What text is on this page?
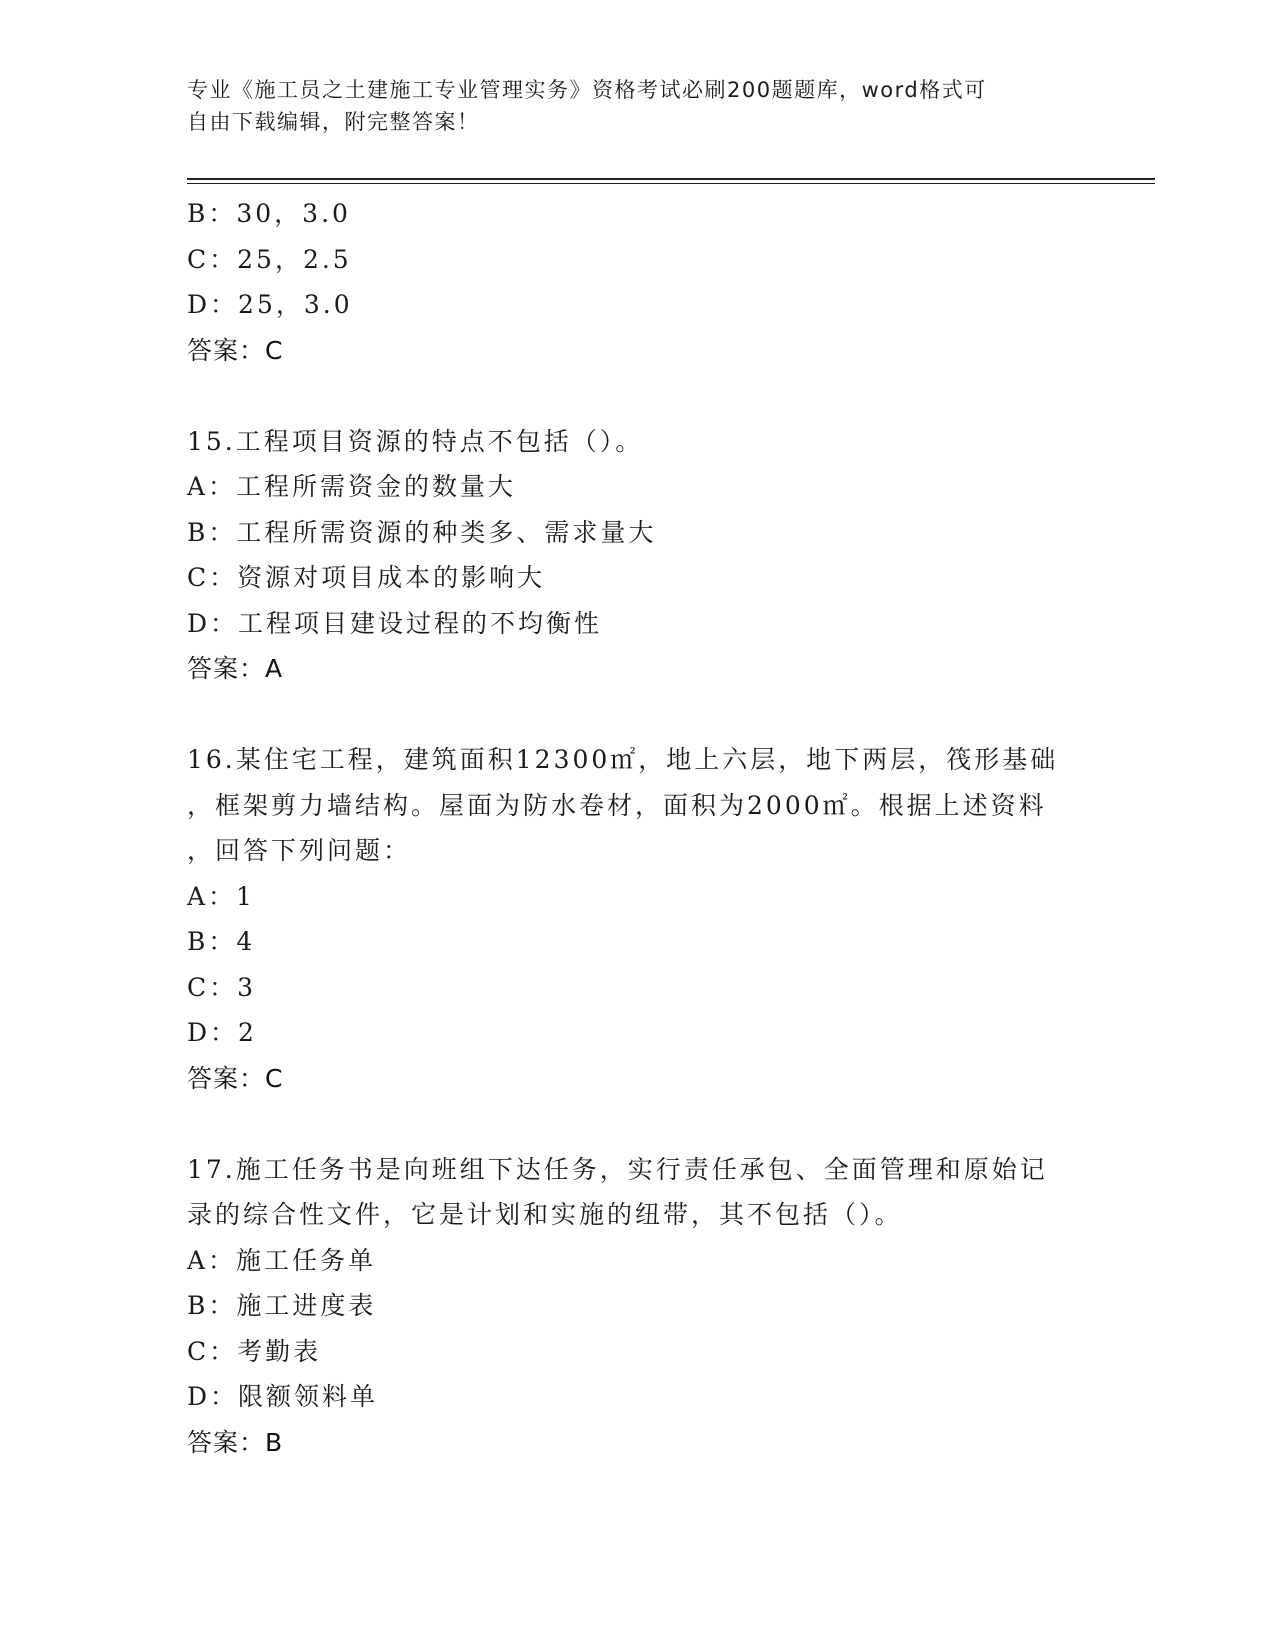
专业《施工员之土建施工专业管理实务》资格考试必刷200题题库，word格式可
自由下载编辑，附完整答案！
B：30，3.0
C：25，2.5
D：25，3.0
答案：C
15.工程项目资源的特点不包括（）。
A：工程所需资金的数量大
B：工程所需资源的种类多、需求量大
C：资源对项目成本的影响大
D：工程项目建设过程的不均衡性
答案：A
16.某住宅工程，建筑面积12300㎡，地上六层，地下两层，筏形基础
，框架剪力墙结构。屋面为防水卷材，面积为2000㎡。根据上述资料
，回答下列问题：
A：1
B：4
C：3
D：2
答案：C
17.施工任务书是向班组下达任务，实行责任承包、全面管理和原始记
录的综合性文件，它是计划和实施的纽带，其不包括（）。
A：施工任务单
B：施工进度表
C：考勤表
D：限额领料单
答案：B
